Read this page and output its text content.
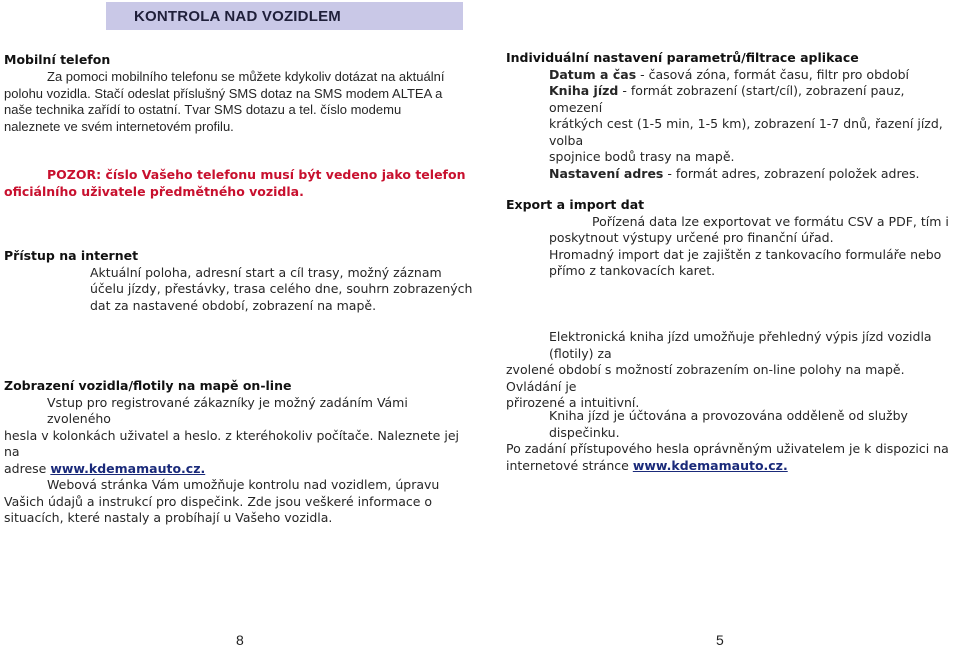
KONTROLA NAD VOZIDLEM

Mobilní telefon

Za pomoci mobilního telefonu se můžete kdykoliv dotázat na aktuální

polohu vozidla. Stačí odeslat příslušný SMS dotaz na SMS modem ALTEA a

naše technika zařídí to ostatní. Tvar SMS dotazu a tel. číslo modemu

naleznete ve svém internetovém profilu.

POZOR: číslo Vašeho telefonu musí být vedeno jako telefon

oficiálního uživatele předmětného vozidla.

Přístup na internet

Aktuální poloha, adresní start a cíl trasy, možný záznam

účelu jízdy, přestávky, trasa celého dne, souhrn zobrazených

dat za nastavené období, zobrazení na mapě.

Zobrazení vozidla/flotily na mapě on-line

Vstup pro registrované zákazníky je možný zadáním Vámi zvoleného

hesla v kolonkách uživatel a heslo. z kteréhokoliv počítače. Naleznete jej na

adrese www.kdemamauto.cz.

Webová stránka Vám umožňuje kontrolu nad vozidlem, úpravu

Vašich údajů a instrukcí pro dispečink. Zde jsou veškeré informace o

situacích, které nastaly a probíhají u Vašeho vozidla.

8

Individuální nastavení parametrů/filtrace aplikace

Datum a čas - časová zóna, formát času, filtr pro období

Kniha jízd - formát zobrazení (start/cíl), zobrazení pauz, omezení

krátkých cest (1-5 min, 1-5 km), zobrazení 1-7 dnů, řazení jízd, volba

spojnice bodů trasy na mapě.

Nastavení adres - formát adres, zobrazení položek adres.

Export a import dat

Pořízená data lze exportovat ve formátu CSV a PDF, tím i

poskytnout výstupy určené pro finanční úřad.

Hromadný import dat je zajištěn z tankovacího formuláře nebo

přímo z tankovacích karet.

Elektronická kniha jízd umožňuje přehledný výpis jízd vozidla (flotily) za

zvolené období s možností zobrazením on-line polohy na mapě. Ovládání je

přirozené a intuitivní.

Kniha jízd je účtována a provozována odděleně od služby dispečinku.

Po zadání přístupového hesla oprávněným uživatelem je k dispozici na

internetové stránce www.kdemamauto.cz.

5
